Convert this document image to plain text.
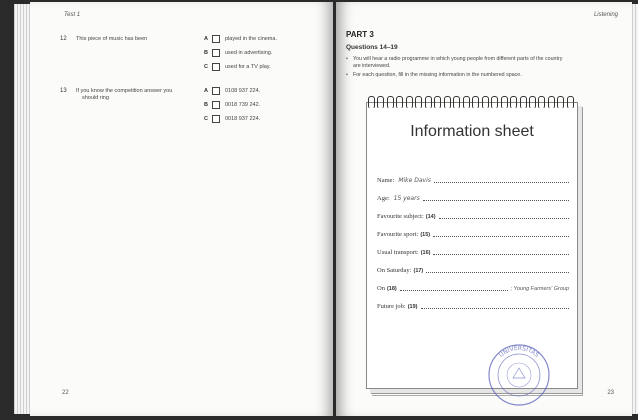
Test 1
12 This piece of music has been	A	played in the cinema.
B	used in advertising.
C	used for a TV play.
13 If you know the competition answer you
should ring
A	0108 937 224.
B	0018 739 242.
C	0018 937 224.
22
Listening
PART 3
Questions 14–19
• You will hear a radio programme in which young people from different parts of the country
are interviewed.
• For each question, fill in the missing information in the numbered space.
Information sheet
Name: Mike Davis
Age: 15 years
Favourite subject: (14)
Favourite sport: (15)
Usual transport: (16)
On Saturday: (17)
On (18)	; Young Farmers' Group
Future job: (19)
UNIVERSITAS
23
